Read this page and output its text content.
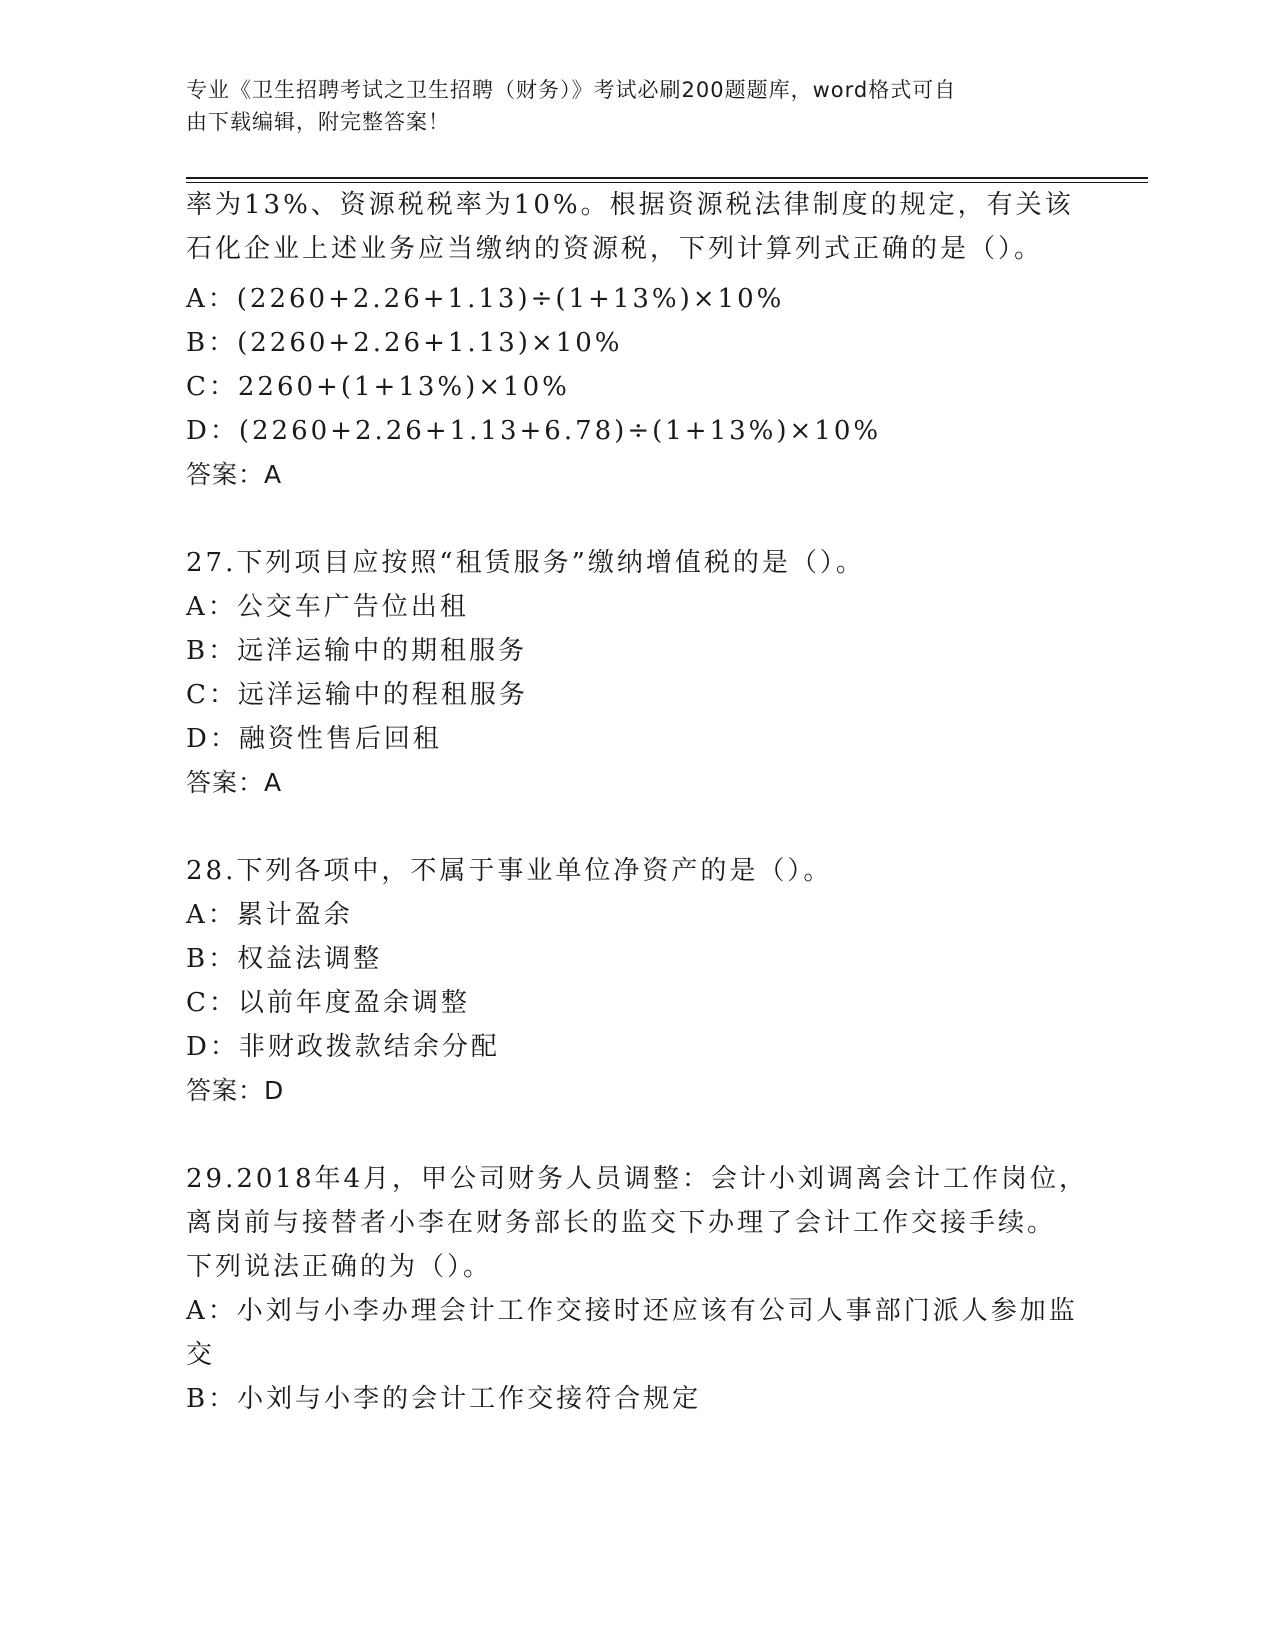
专业《卫生招聘考试之卫生招聘（财务）》考试必刷200题题库，word格式可自
由下载编辑，附完整答案！
率为13%、资源税税率为10%。根据资源税法律制度的规定，有关该
石化企业上述业务应当缴纳的资源税，下列计算列式正确的是（）。
A：(2260+2.26+1.13)÷(1+13%)×10%
B：(2260+2.26+1.13)×10%
C：2260+(1+13%)×10%
D：(2260+2.26+1.13+6.78)÷(1+13%)×10%
答案：A
27.下列项目应按照“租赁服务”缴纳增值税的是（）。
A：公交车广告位出租
B：远洋运输中的期租服务
C：远洋运输中的程租服务
D：融资性售后回租
答案：A
28.下列各项中，不属于事业单位净资产的是（）。
A：累计盈余
B：权益法调整
C：以前年度盈余调整
D：非财政拨款结余分配
答案：D
29.2018年4月，甲公司财务人员调整：会计小刘调离会计工作岗位，
离岗前与接替者小李在财务部长的监交下办理了会计工作交接手续。
下列说法正确的为（）。
A：小刘与小李办理会计工作交接时还应该有公司人事部门派人参加监
交
B：小刘与小李的会计工作交接符合规定
